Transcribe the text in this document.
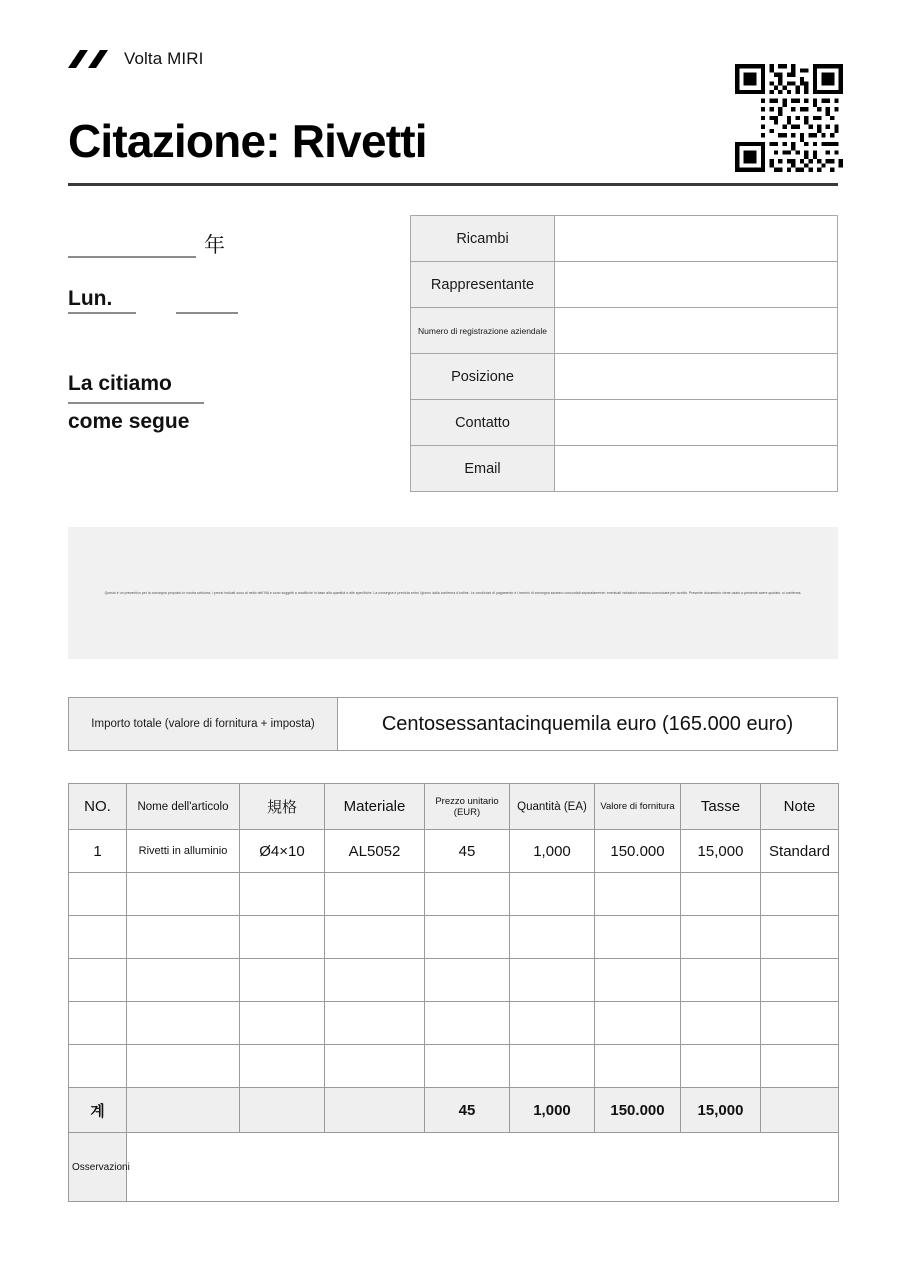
Volta MIRI
Citazione: Rivetti
年
Lun.
La citiamo
come segue
Ricambi	
Rappresentante	
Numero di registrazione aziendale	
Posizione	
Contatto	
Email	
Questo è un preventivo per la consegna proposto in nostra schiuma, i prezzi indicati sono al netto dell'IVA e sono soggetti a modifiche in base alla quantità e alle specifiche. La consegna è prevista entro l'giorno dalla conferma d'ordine. Le condizioni di pagamento e i termini di consegna saranno concordati separatamente; eventuali variazioni saranno comunicate per iscritto. Presente documento viene usato a presente avere quotato, si conferma.
Importo totale (valore di fornitura + imposta)	Centosessantacinquemila euro (165.000 euro)
NO.	Nome dell'articolo	規格	Materiale	Prezzo unitario (EUR)	Quantità (EA)	Valore di fornitura	Tasse	Note
1	Rivetti in alluminio	Ø4×10	AL5052	45	1,000	150.000	15,000	Standard

계				45	1,000	150.000	15,000	
Osservazioni								
